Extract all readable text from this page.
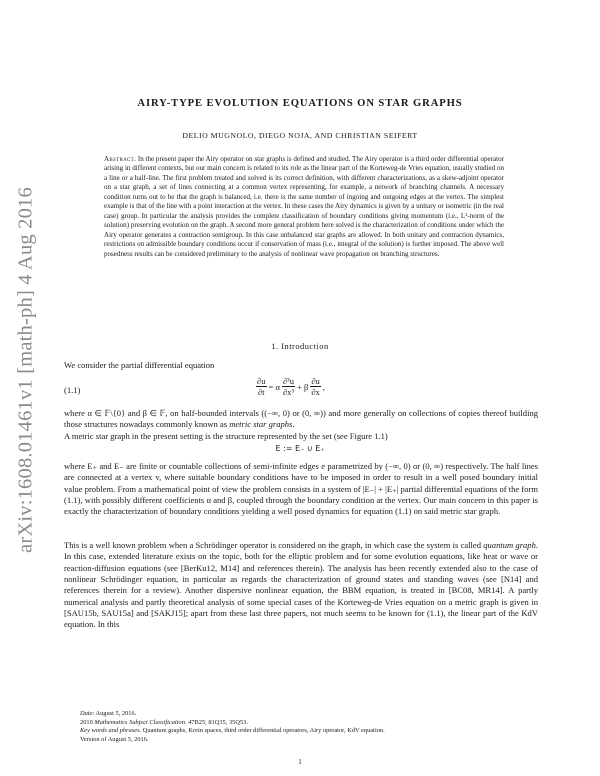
arXiv:1608.01461v1 [math-ph] 4 Aug 2016
AIRY-TYPE EVOLUTION EQUATIONS ON STAR GRAPHS
DELIO MUGNOLO, DIEGO NOJA, AND CHRISTIAN SEIFERT
Abstract. In the present paper the Airy operator on star graphs is defined and studied. The Airy operator is a third order differential operator arising in different contexts, but our main concern is related to its role as the linear part of the Korteweg-de Vries equation, usually studied on a line or a half-line. The first problem treated and solved is its correct definition, with different characterizations, as a skew-adjoint operator on a star graph, a set of lines connecting at a common vertex representing, for example, a network of branching channels. A necessary condition turns out to be that the graph is balanced, i.e. there is the same number of ingoing and outgoing edges at the vertex. The simplest example is that of the line with a point interaction at the vertex. In these cases the Airy dynamics is given by a unitary or isometric (in the real case) group. In particular the analysis provides the complete classification of boundary conditions giving momentum (i.e., L²-norm of the solution) preserving evolution on the graph. A second more general problem here solved is the characterization of conditions under which the Airy operator generates a contraction semigroup. In this case unbalanced star graphs are allowed. In both unitary and contraction dynamics, restrictions on admissible boundary conditions occur if conservation of mass (i.e., integral of the solution) is further imposed. The above well posedness results can be considered preliminary to the analysis of nonlinear wave propagation on branching structures.
1. Introduction
We consider the partial differential equation
(1.1)	$\frac{\partial u}{\partial t} = \alpha \frac{\text{∂³u}}{\text{∂x³}} + \beta \frac{\partial u}{\partial x}$ ,
where α ∈ 𝔽\{0} and β ∈ 𝔽, on half-bounded intervals ((−∞, 0) or (0, ∞)) and more generally on collections of copies thereof building those structures nowadays commonly known as metric star graphs.
A metric star graph in the present setting is the structure represented by the set (see Figure 1.1)
E := E₋ ∪ E₊
where E₊ and E₋ are finite or countable collections of semi-infinite edges e parametrized by (−∞, 0) or (0, ∞) respectively. The half lines are connected at a vertex v, where suitable boundary conditions have to be imposed in order to result in a well posed boundary initial value problem. From a mathematical point of view the problem consists in a system of |E₋| + |E₊| partial differential equations of the form (1.1), with possibly different coefficients α and β, coupled through the boundary condition at the vertex. Our main concern in this paper is exactly the characterization of boundary conditions yielding a well posed dynamics for equation (1.1) on said metric star graph.
This is a well known problem when a Schrödinger operator is considered on the graph, in which case the system is called quantum graph. In this case, extended literature exists on the topic, both for the elliptic problem and for some evolution equations, like heat or wave or reaction-diffusion equations (see [BerKu12, M14] and references therein). The analysis has been recently extended also to the case of nonlinear Schrödinger equation, in particular as regards the characterization of ground states and standing waves (see [N14] and references therein for a review). Another dispersive nonlinear equation, the BBM equation, is treated in [BC08, MR14]. A partly numerical analysis and partly theoretical analysis of some special cases of the Korteweg-de Vries equation on a metric graph is given in [SAU15b, SAU15a] and [SAKJ15]; apart from these last three papers, not much seems to be known for (1.1), the linear part of the KdV equation. In this
Date: August 5, 2016.
2010 Mathematics Subject Classification. 47B25, 81Q35, 35Q53.
Key words and phrases. Quantum graphs, Krein spaces, third order differential operators, Airy operator, KdV equation.
Version of August 5, 2016.
1
